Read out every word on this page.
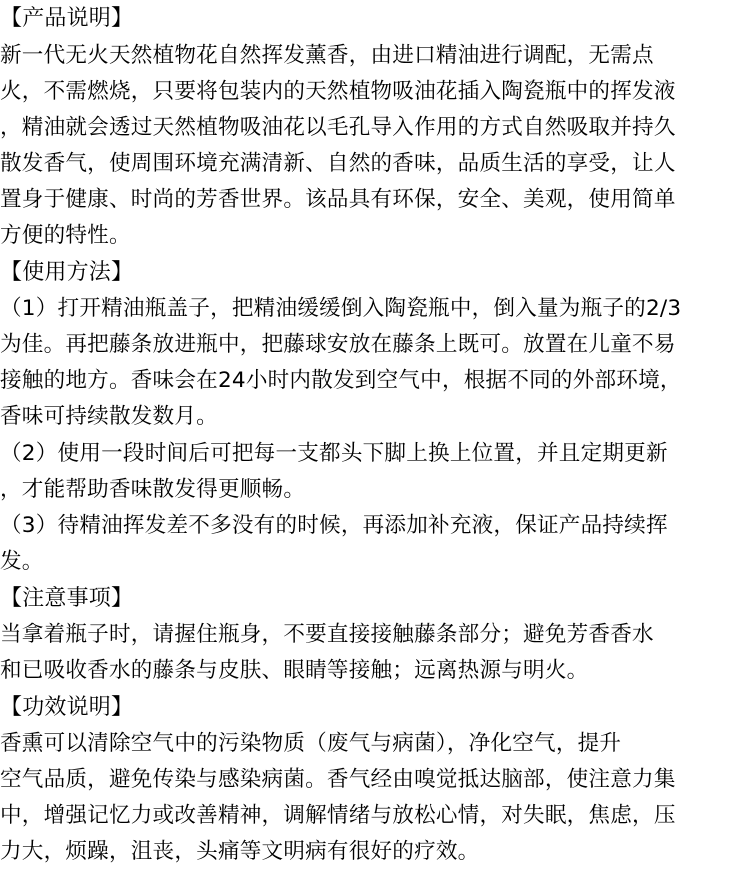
【产品说明】
新一代无火天然植物花自然挥发薰香，由进口精油进行调配，无需点
火，不需燃烧，只要将包装内的天然植物吸油花插入陶瓷瓶中的挥发液
，精油就会透过天然植物吸油花以毛孔导入作用的方式自然吸取并持久
散发香气，使周围环境充满清新、自然的香味，品质生活的享受，让人
置身于健康、时尚的芳香世界。该品具有环保，安全、美观，使用简单
方便的特性。
【使用方法】
（1）打开精油瓶盖子，把精油缓缓倒入陶瓷瓶中，倒入量为瓶子的2/3
为佳。再把藤条放进瓶中，把藤球安放在藤条上既可。放置在儿童不易
接触的地方。香味会在24小时内散发到空气中，根据不同的外部环境，
香味可持续散发数月。
（2）使用一段时间后可把每一支都头下脚上换上位置，并且定期更新
，才能帮助香味散发得更顺畅。
（3）待精油挥发差不多没有的时候，再添加补充液，保证产品持续挥
发。
【注意事项】
当拿着瓶子时，请握住瓶身，不要直接接触藤条部分；避免芳香香水
和已吸收香水的藤条与皮肤、眼睛等接触；远离热源与明火。
【功效说明】
香熏可以清除空气中的污染物质（废气与病菌），净化空气，提升
空气品质，避免传染与感染病菌。香气经由嗅觉抵达脑部，使注意力集
中，增强记忆力或改善精神，调解情绪与放松心情，对失眠，焦虑，压
力大，烦躁，沮丧，头痛等文明病有很好的疗效。
